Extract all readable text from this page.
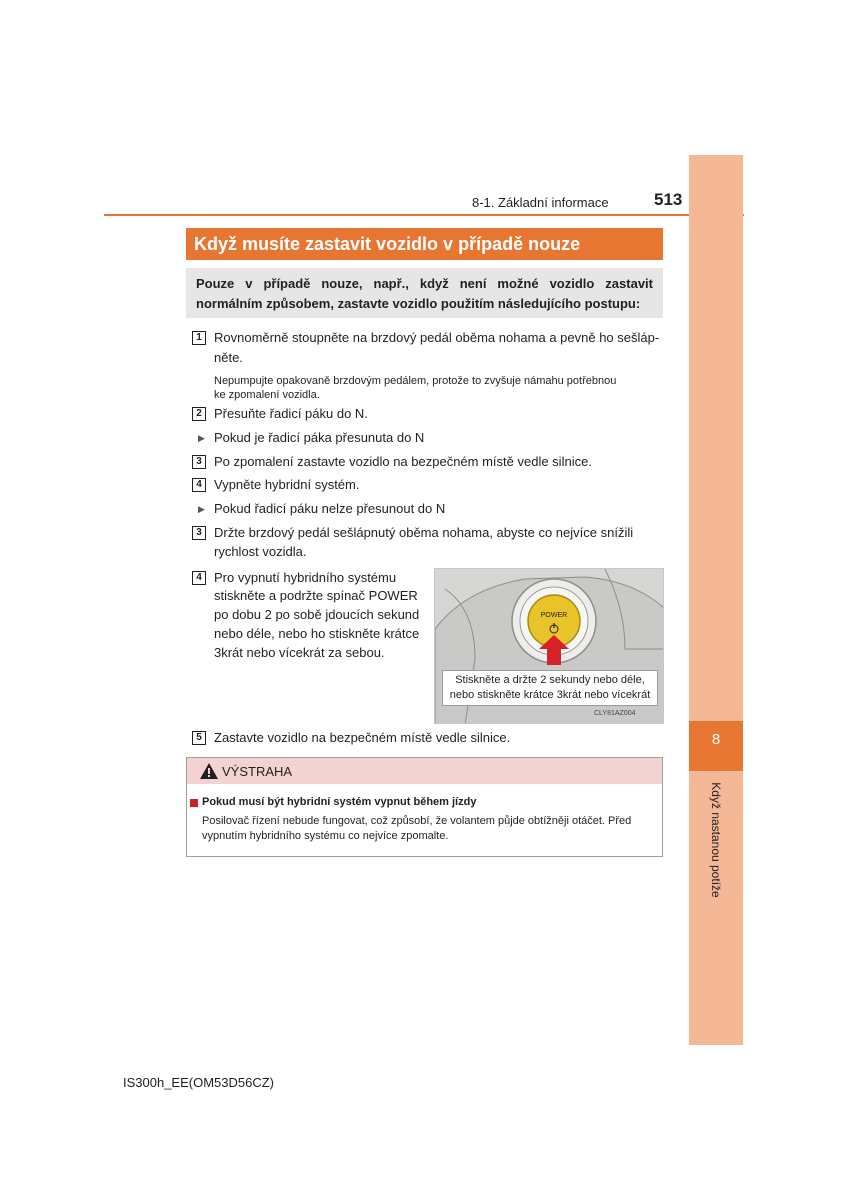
8-1. Základní informace	513
8
Když nastanou potíže
Když musíte zastavit vozidlo v případě nouze
Pouze v případě nouze, např., když není možné vozidlo zastavit normálním způsobem, zastavte vozidlo použitím následujícího postupu:
1 Rovnoměrně stoupněte na brzdový pedál oběma nohama a pevně ho sešláp-
něte.
Nepumpujte opakovaně brzdovým pedálem, protože to zvyšuje námahu potřebnou
ke zpomalení vozidla.
2 Přesuňte řadicí páku do N.
▶ Pokud je řadicí páka přesunuta do N
3 Po zpomalení zastavte vozidlo na bezpečném místě vedle silnice.
4 Vypněte hybridní systém.
▶ Pokud řadicí páku nelze přesunout do N
3 Držte brzdový pedál sešlápnutý oběma nohama, abyste co nejvíce snížili
rychlost vozidla.
4 Pro vypnutí hybridního systému
stiskněte a podržte spínač POWER
po dobu 2 po sobě jdoucích sekund
nebo déle, nebo ho stiskněte krátce
3krát nebo vícekrát za sebou.
POWER
Stiskněte a držte 2 sekundy nebo déle,
nebo stiskněte krátce 3krát nebo vícekrát
CLY81AZ004
5 Zastavte vozidlo na bezpečném místě vedle silnice.
VÝSTRAHA
Pokud musí být hybridní systém vypnut během jízdy
Posilovač řízení nebude fungovat, což způsobí, že volantem půjde obtížněji otáčet. Před vypnutím hybridního systému co nejvíce zpomalte.
IS300h_EE(OM53D56CZ)
